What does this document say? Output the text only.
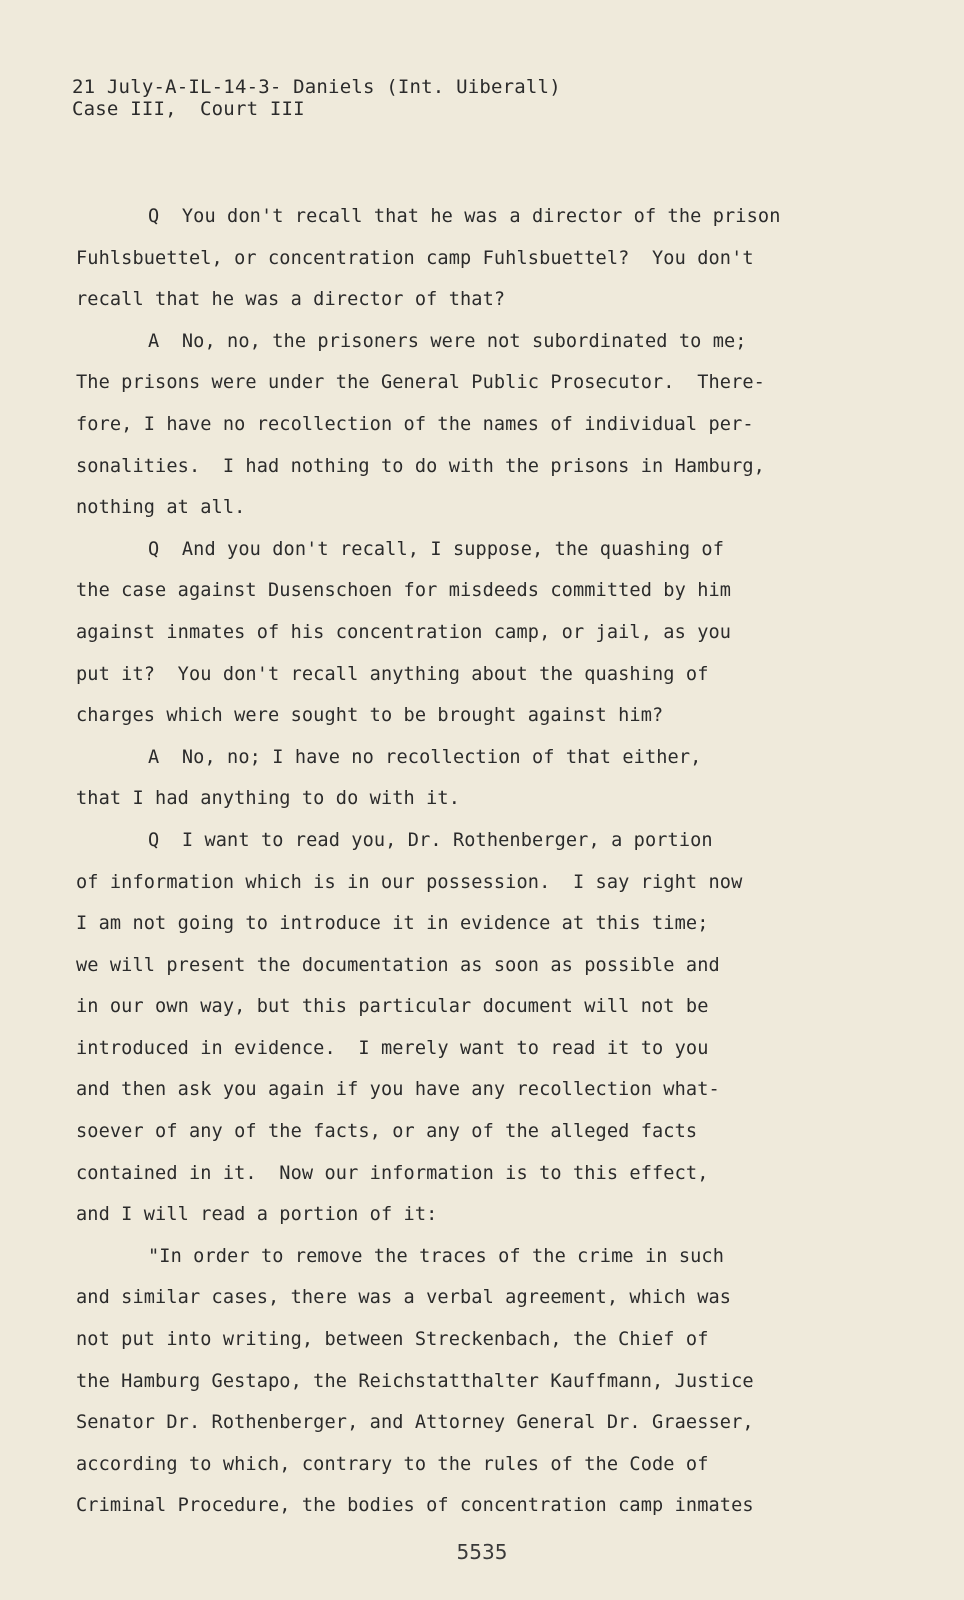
21 July-A-IL-14-3- Daniels (Int. Uiberall)
Case III,  Court III
Q  You don't recall that he was a director of the prison
Fuhlsbuettel, or concentration camp Fuhlsbuettel?  You don't
recall that he was a director of that?
A  No, no, the prisoners were not subordinated to me;
The prisons were under the General Public Prosecutor.  There-
fore, I have no recollection of the names of individual per-
sonalities.  I had nothing to do with the prisons in Hamburg,
nothing at all.
Q  And you don't recall, I suppose, the quashing of
the case against Dusenschoen for misdeeds committed by him
against inmates of his concentration camp, or jail, as you
put it?  You don't recall anything about the quashing of
charges which were sought to be brought against him?
A  No, no; I have no recollection of that either,
that I had anything to do with it.
Q  I want to read you, Dr. Rothenberger, a portion
of information which is in our possession.  I say right now
I am not going to introduce it in evidence at this time;
we will present the documentation as soon as possible and
in our own way, but this particular document will not be
introduced in evidence.  I merely want to read it to you
and then ask you again if you have any recollection what-
soever of any of the facts, or any of the alleged facts
contained in it.  Now our information is to this effect,
and I will read a portion of it:
"In order to remove the traces of the crime in such
and similar cases, there was a verbal agreement, which was
not put into writing, between Streckenbach, the Chief of
the Hamburg Gestapo, the Reichstatthalter Kauffmann, Justice
Senator Dr. Rothenberger, and Attorney General Dr. Graesser,
according to which, contrary to the rules of the Code of
Criminal Procedure, the bodies of concentration camp inmates
5535
